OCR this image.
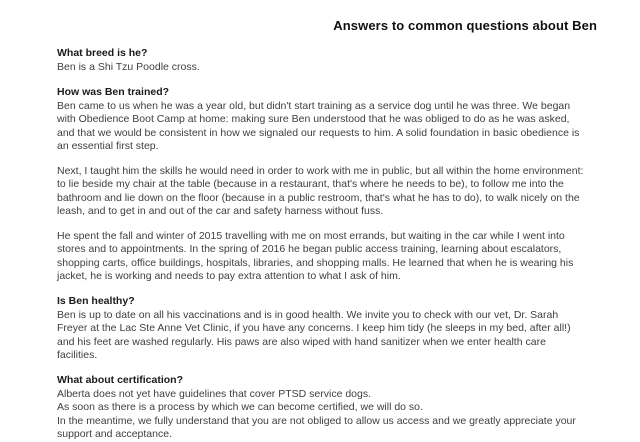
Answers to common questions about Ben
What breed is he?

Ben is a Shi Tzu Poodle cross.

How was Ben trained?

Ben came to us when he was a year old, but didn't start training as a service dog until he was three. We began with Obedience Boot Camp at home: making sure Ben understood that he was obliged to do as he was asked, and that we would be consistent in how we signaled our requests to him. A solid foundation in basic obedience is an essential first step.

Next, I taught him the skills he would need in order to work with me in public, but all within the home environment: to lie beside my chair at the table (because in a restaurant, that's where he needs to be), to follow me into the bathroom and lie down on the floor (because in a public restroom, that's what he has to do), to walk nicely on the leash, and to get in and out of the car and safety harness without fuss.

He spent the fall and winter of 2015 travelling with me on most errands, but waiting in the car while I went into stores and to appointments. In the spring of 2016 he began public access training, learning about escalators, shopping carts, office buildings, hospitals, libraries, and shopping malls. He learned that when he is wearing his jacket, he is working and needs to pay extra attention to what I ask of him.

Is Ben healthy?

Ben is up to date on all his vaccinations and is in good health. We invite you to check with our vet, Dr. Sarah Freyer at the Lac Ste Anne Vet Clinic, if you have any concerns. I keep him tidy (he sleeps in my bed, after all!) and his feet are washed regularly. His paws are also wiped with hand sanitizer when we enter health care facilities.

What about certification?

Alberta does not yet have guidelines that cover PTSD service dogs.

As soon as there is a process by which we can become certified, we will do so.

In the meantime, we fully understand that you are not obliged to allow us access and we greatly appreciate your support and acceptance.
